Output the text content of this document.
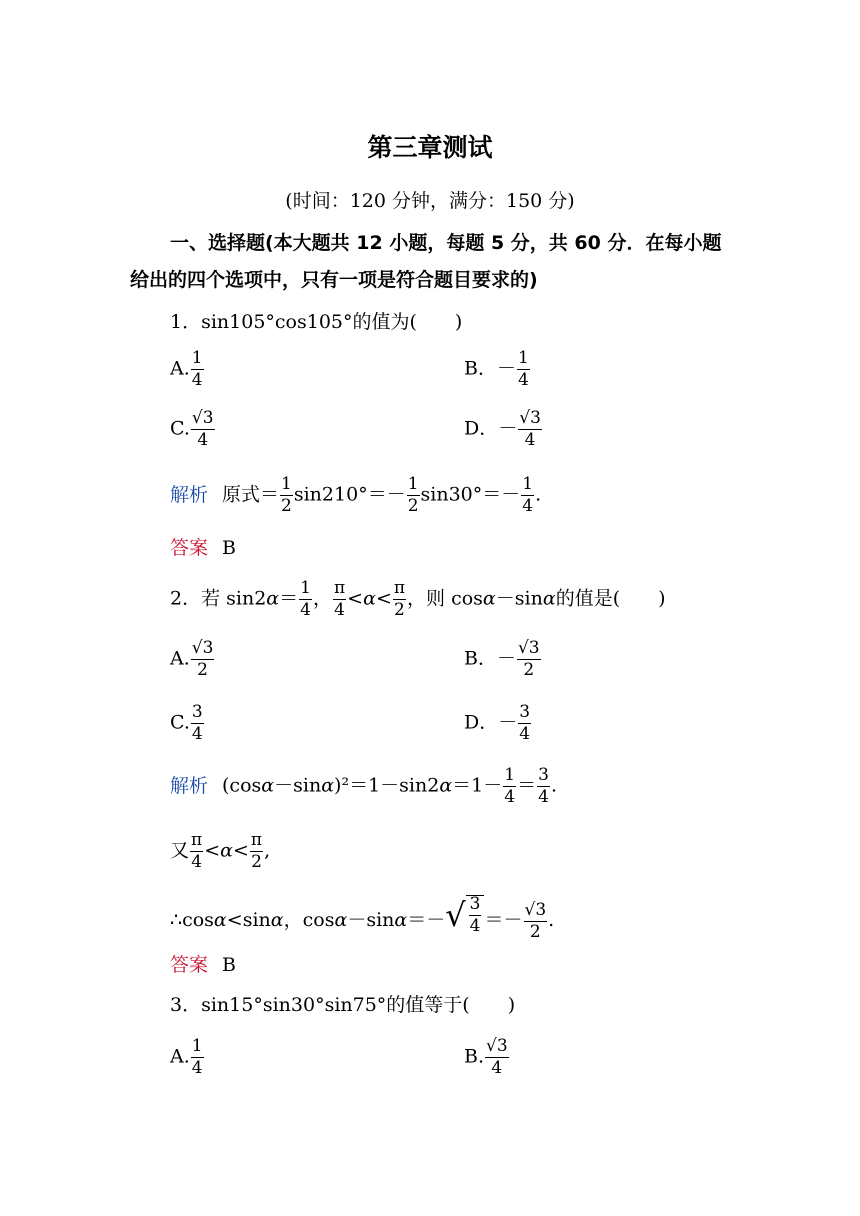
第三章测试
(时间：120 分钟，满分：150 分)
一、选择题(本大题共 12 小题，每题 5 分，共 60 分．在每小题
给出的四个选项中，只有一项是符合题目要求的)
1．sin105°cos105°的值为(　　)
A. $\frac{1}{4}$	B．－ $\frac{1}{4}$
C. $\frac{√3}{4}$	D．－ $\frac{√3}{4}$
解析 原式＝ $\frac{1}{2} \sin 210^\circ=- \frac{1}{2} \sin 30^\circ=- \frac{1}{4}$ .
答案 B
2．若 $\sin 2\alpha= \frac{1}{4}$ ， $\frac{\pi}{4} <\alpha< \frac{\pi}{2}$ ，则 cosα－sinα的值是(　　)
A. $\frac{√3}{2}$	B．－ $\frac{√3}{2}$
C. $\frac{3}{4}$	D．－ $\frac{3}{4}$
解析 $(\cos\alpha-\sin\alpha)^2=1-\sin 2\alpha=1- \frac{1}{4} = \frac{3}{4}$ .
又 $\frac{\pi}{4} <\alpha< \frac{\pi}{2}$ ,
∴cosα<sinα，cosα－sinα＝－ √ $\frac{3}{4} =- \frac{√3}{2}$ .
答案 B
3．sin15°sin30°sin75°的值等于(　　)
A. $\frac{1}{4}$	B. $\frac{√3}{4}$
